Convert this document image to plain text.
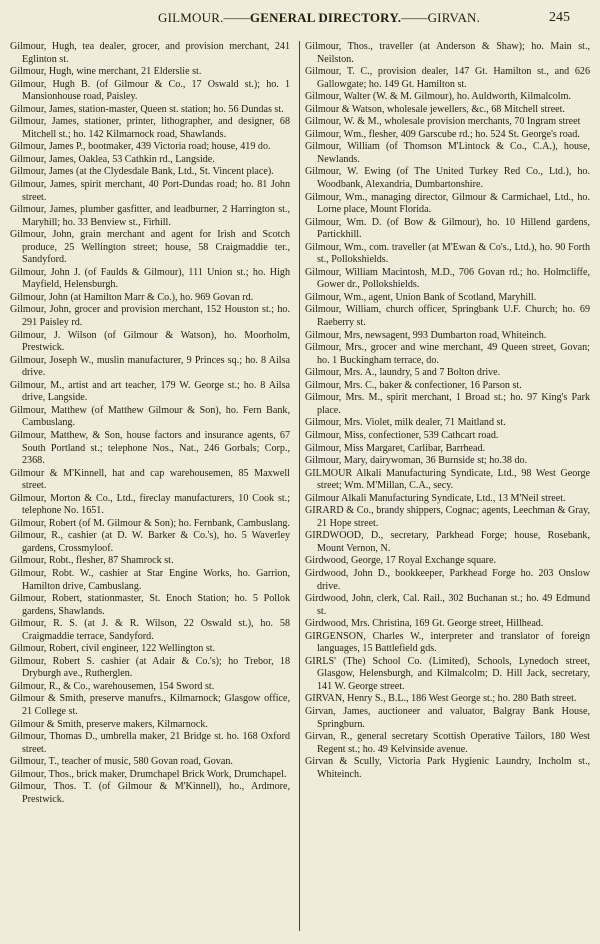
GILMOUR.——GENERAL DIRECTORY.——GIRVAN.	245

Gilmour, Hugh, tea dealer, grocer, and provision merchant, 241 Eglinton st.

Gilmour, Hugh, wine merchant, 21 Elderslie st.

Gilmour, Hugh B. (of Gilmour & Co., 17 Oswald st.); ho. 1 Mansionhouse road, Paisley.

Gilmour, James, station-master, Queen st. station; ho. 56 Dundas st.

Gilmour, James, stationer, printer, lithographer, and designer, 68 Mitchell st.; ho. 142 Kilmarnock road, Shawlands.

Gilmour, James P., bootmaker, 439 Victoria road; house, 419 do.

Gilmour, James, Oaklea, 53 Cathkin rd., Langside.

Gilmour, James (at the Clydesdale Bank, Ltd., St. Vincent place).

Gilmour, James, spirit merchant, 40 Port-Dundas road; ho. 81 John street.

Gilmour, James, plumber gasfitter, and leadburner, 2 Harrington st., Maryhill; ho. 33 Benview st., Firhill.

Gilmour, John, grain merchant and agent for Irish and Scotch produce, 25 Wellington street; house, 58 Craigmaddie ter., Sandyford.

Gilmour, John J. (of Faulds & Gilmour), 111 Union st.; ho. High Mayfield, Helensburgh.

Gilmour, John (at Hamilton Marr & Co.), ho. 969 Govan rd.

Gilmour, John, grocer and provision merchant, 152 Houston st.; ho. 291 Paisley rd.

Gilmour, J. Wilson (of Gilmour & Watson), ho. Moorholm, Prestwick.

Gilmour, Joseph W., muslin manufacturer, 9 Princes sq.; ho. 8 Ailsa drive.

Gilmour, M., artist and art teacher, 179 W. George st.; ho. 8 Ailsa drive, Langside.

Gilmour, Matthew (of Matthew Gilmour & Son), ho. Fern Bank, Cambuslang.

Gilmour, Matthew, & Son, house factors and insurance agents, 67 South Portland st.; telephone Nos., Nat., 246 Gorbals; Corp., 2368.

Gilmour & M'Kinnell, hat and cap warehousemen, 85 Maxwell street.

Gilmour, Morton & Co., Ltd., fireclay manufacturers, 10 Cook st.; telephone No. 1651.

Gilmour, Robert (of M. Gilmour & Son); ho. Fernbank, Cambuslang.

Gilmour, R., cashier (at D. W. Barker & Co.'s), ho. 5 Waverley gardens, Crossmyloof.

Gilmour, Robt., flesher, 87 Shamrock st.

Gilmour, Robt. W., cashier at Star Engine Works, ho. Garrion, Hamilton drive, Cambuslang.

Gilmour, Robert, stationmaster, St. Enoch Station; ho. 5 Pollok gardens, Shawlands.

Gilmour, R. S. (at J. & R. Wilson, 22 Oswald st.), ho. 58 Craigmaddie terrace, Sandyford.

Gilmour, Robert, civil engineer, 122 Wellington st.

Gilmour, Robert S. cashier (at Adair & Co.'s); ho Trebor, 18 Dryburgh ave., Rutherglen.

Gilmour, R., & Co., warehousemen, 154 Sword st.

Gilmour & Smith, preserve manufrs., Kilmarnock; Glasgow office, 21 College st.

Gilmour & Smith, preserve makers, Kilmarnock.

Gilmour, Thomas D., umbrella maker, 21 Bridge st. ho. 168 Oxford street.

Gilmour, T., teacher of music, 580 Govan road, Govan.

Gilmour, Thos., brick maker, Drumchapel Brick Work, Drumchapel.

Gilmour, Thos. T. (of Gilmour & M'Kinnell), ho., Ardmore, Prestwick.

Gilmour, Thos., traveller (at Anderson & Shaw); ho. Main st., Neilston.

Gilmour, T. C., provision dealer, 147 Gt. Hamilton st., and 626 Gallowgate; ho. 149 Gt. Hamilton st.

Gilmour, Walter (W. & M. Gilmour), ho. Auldworth, Kilmalcolm.

Gilmour & Watson, wholesale jewellers, &c., 68 Mitchell street.

Gilmour, W. & M., wholesale provision merchants, 70 Ingram street

Gilmour, Wm., flesher, 409 Garscube rd.; ho. 524 St. George's road.

Gilmour, William (of Thomson M'Lintock & Co., C.A.), house, Newlands.

Gilmour, W. Ewing (of The United Turkey Red Co., Ltd.), ho. Woodbank, Alexandria, Dumbartonshire.

Gilmour, Wm., managing director, Gilmour & Carmichael, Ltd., ho. Lorne place, Mount Florida.

Gilmour, Wm. D. (of Bow & Gilmour), ho. 10 Hillend gardens, Partickhill.

Gilmour, Wm., com. traveller (at M'Ewan & Co's., Ltd.), ho. 90 Forth st., Pollokshields.

Gilmour, William Macintosh, M.D., 706 Govan rd.; ho. Holmcliffe, Gower dr., Pollokshields.

Gilmour, Wm., agent, Union Bank of Scotland, Maryhill.

Gilmour, William, church officer, Springbank U.F. Church; ho. 69 Raeberry st.

Gilmour, Mrs, newsagent, 993 Dumbarton road, Whiteinch.

Gilmour, Mrs., grocer and wine merchant, 49 Queen street, Govan; ho. 1 Buckingham terrace, do.

Gilmour, Mrs. A., laundry, 5 and 7 Bolton drive.

Gilmour, Mrs. C., baker & confectioner, 16 Parson st.

Gilmour, Mrs. M., spirit merchant, 1 Broad st.; ho. 97 King's Park place.

Gilmour, Mrs. Violet, milk dealer, 71 Maitland st.

Gilmour, Miss, confectioner, 539 Cathcart road.

Gilmour, Miss Margaret, Carlibar, Barrhead.

Gilmour, Mary, dairywoman, 36 Burnside st; ho.38 do.

GILMOUR Alkali Manufacturing Syndicate, Ltd., 98 West George street; Wm. M'Millan, C.A., secy.

Gilmour Alkali Manufacturing Syndicate, Ltd., 13 M'Neil street.

GIRARD & Co., brandy shippers, Cognac; agents, Leechman & Gray, 21 Hope street.

GIRDWOOD, D., secretary, Parkhead Forge; house, Rosebank, Mount Vernon, N.

Girdwood, George, 17 Royal Exchange square.

Girdwood, John D., bookkeeper, Parkhead Forge ho. 203 Onslow drive.

Girdwood, John, clerk, Cal. Rail., 302 Buchanan st.; ho. 49 Edmund st.

Girdwood, Mrs. Christina, 169 Gt. George street, Hillhead.

GIRGENSON, Charles W., interpreter and translator of foreign languages, 15 Battlefield gds.

GIRLS' (The) School Co. (Limited), Schools, Lynedoch street, Glasgow, Helensburgh, and Kilmalcolm; D. Hill Jack, secretary, 141 W. George street.

GIRVAN, Henry S., B.L., 186 West George st.; ho. 280 Bath street.

Girvan, James, auctioneer and valuator, Balgray Bank House, Springburn.

Girvan, R., general secretary Scottish Operative Tailors, 180 West Regent st.; ho. 49 Kelvinside avenue.

Girvan & Scully, Victoria Park Hygienic Laundry, Incholm st., Whiteinch.
